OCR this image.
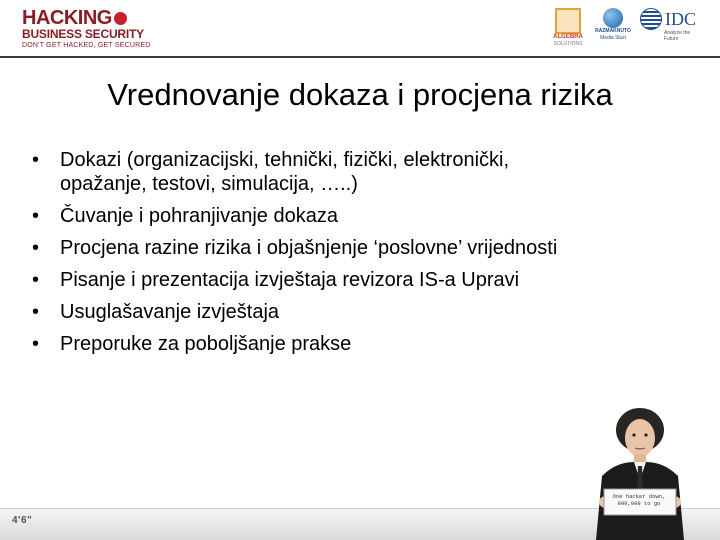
HACKING
BUSINESS SECURITY
DON'T GET HACKED, GET SECURED
ALGEBRA
SOLUTIONS
RAZMAKNUTO
Media Sluzi
IDC
Analyze the Future
Vrednovanje dokaza i procjena rizika
•	Dokazi (organizacijski, tehnički, fizički, elektronički,
opažanje, testovi, simulacija, …..)
•	Čuvanje i pohranjivanje dokaza
•	Procjena razine rizika i objašnjenje ‘poslovne’ vrijednosti
•	Pisanje i prezentacija izvještaja revizora IS-a Upravi
•	Usuglašavanje izvještaja
•	Preporuke za poboljšanje prakse
4'6"
One hacker down,
999,999 to go
